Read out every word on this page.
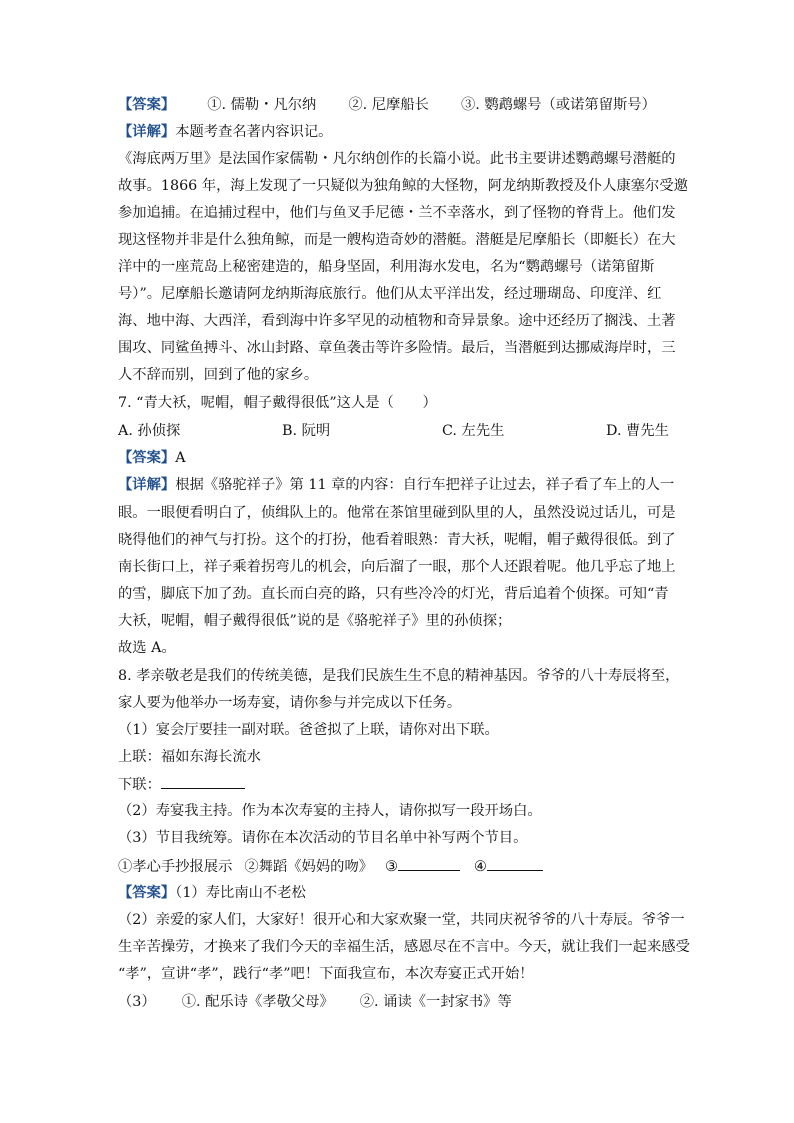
【答案】 ①. 儒勒・凡尔纳 ②. 尼摩船长 ③. 鹦鹉螺号（或诺第留斯号）
【详解】本题考查名著内容识记。
《海底两万里》是法国作家儒勒・凡尔纳创作的长篇小说。此书主要讲述鹦鹉螺号潜艇的
故事。1866 年，海上发现了一只疑似为独角鲸的大怪物，阿龙纳斯教授及仆人康塞尔受邀
参加追捕。在追捕过程中，他们与鱼叉手尼德・兰不幸落水，到了怪物的脊背上。他们发
现这怪物并非是什么独角鲸，而是一艘构造奇妙的潜艇。潜艇是尼摩船长（即艇长）在大
洋中的一座荒岛上秘密建造的，船身坚固，利用海水发电，名为“鹦鹉螺号（诺第留斯
号）”。尼摩船长邀请阿龙纳斯海底旅行。他们从太平洋出发，经过珊瑚岛、印度洋、红
海、地中海、大西洋，看到海中许多罕见的动植物和奇异景象。途中还经历了搁浅、土著
围攻、同鲨鱼搏斗、冰山封路、章鱼袭击等许多险情。最后，当潜艇到达挪威海岸时，三
人不辞而别，回到了他的家乡。
7. “青大袄，呢帽，帽子戴得很低”这人是（　　）
A. 孙侦探	B. 阮明	C. 左先生	D. 曹先生
【答案】A
【详解】根据《骆驼祥子》第 11 章的内容：自行车把祥子让过去，祥子看了车上的人一
眼。一眼便看明白了，侦缉队上的。他常在茶馆里碰到队里的人，虽然没说过话儿，可是
晓得他们的神气与打扮。这个的打扮，他看着眼熟：青大袄，呢帽，帽子戴得很低。到了
南长街口上，祥子乘着拐弯儿的机会，向后溜了一眼，那个人还跟着呢。他几乎忘了地上
的雪，脚底下加了劲。直长而白亮的路，只有些冷冷的灯光，背后追着个侦探。可知“青
大袄，呢帽，帽子戴得很低”说的是《骆驼祥子》里的孙侦探；
故选 A。
8. 孝亲敬老是我们的传统美德，是我们民族生生不息的精神基因。爷爷的八十寿辰将至，
家人要为他举办一场寿宴，请你参与并完成以下任务。
（1）宴会厅要挂一副对联。爸爸拟了上联，请你对出下联。
上联：福如东海长流水
下联：
（2）寿宴我主持。作为本次寿宴的主持人，请你拟写一段开场白。
（3）节目我统筹。请你在本次活动的节目名单中补写两个节目。
①孝心手抄报展示 ②舞蹈《妈妈的吻》 ③	④
【答案】（1）寿比南山不老松
（2）亲爱的家人们，大家好！很开心和大家欢聚一堂，共同庆祝爷爷的八十寿辰。爷爷一
生辛苦操劳，才换来了我们今天的幸福生活，感恩尽在不言中。今天，就让我们一起来感受
“孝”，宣讲“孝”，践行“孝”吧！下面我宣布，本次寿宴正式开始！
（3） ①. 配乐诗《孝敬父母》 ②. 诵读《一封家书》等
